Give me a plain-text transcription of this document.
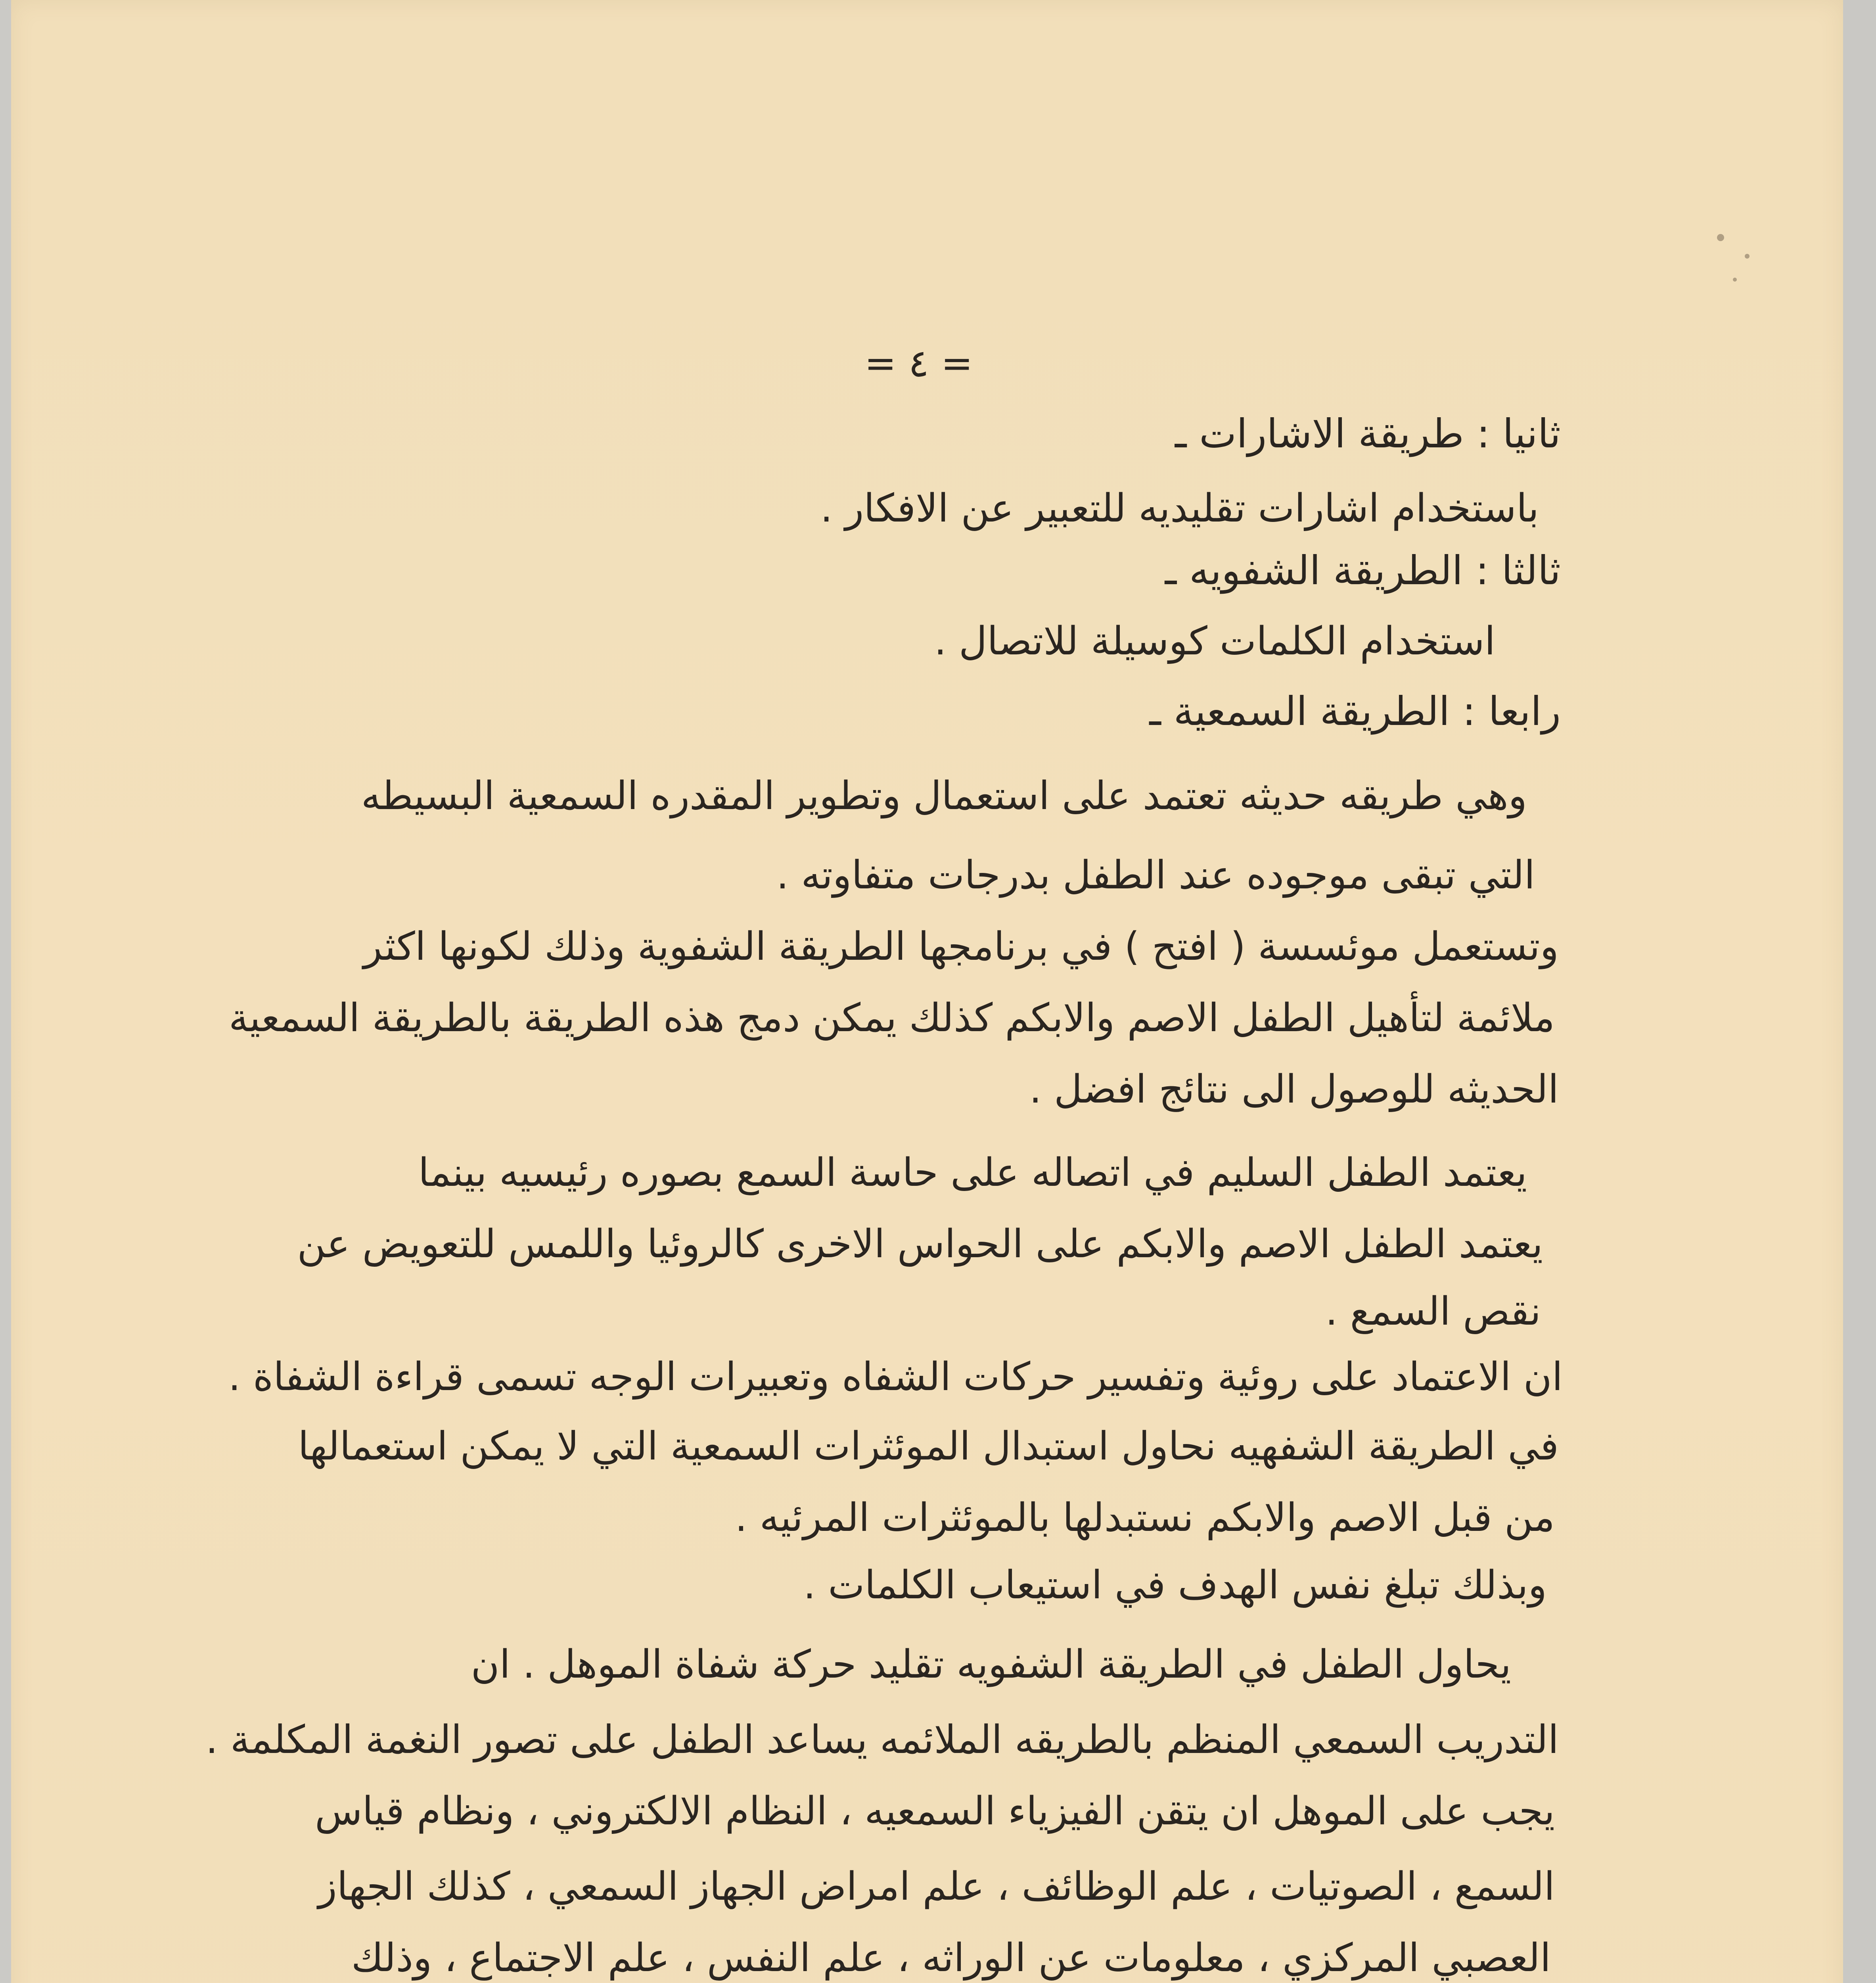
= ٤ =
ثانيا : طريقة الاشارات ـ
باستخدام اشارات تقليديه للتعبير عن الافكار .
ثالثا : الطريقة الشفويه ـ
استخدام الكلمات كوسيلة للاتصال .
رابعا : الطريقة السمعية ـ
وهي طريقه حديثه تعتمد على استعمال وتطوير المقدره السمعية البسيطه
التي تبقى موجوده عند الطفل بدرجات متفاوته .
وتستعمل موئسسة ( افتح ) في برنامجها الطريقة الشفوية وذلك لكونها اكثر
ملائمة لتأهيل الطفل الاصم والابكم كذلك يمكن دمج هذه الطريقة بالطريقة السمعية
الحديثه للوصول الى نتائج افضل .
يعتمد الطفل السليم في اتصاله على حاسة السمع بصوره رئيسيه بينما
يعتمد الطفل الاصم والابكم على الحواس الاخرى كالروئيا واللمس للتعويض عن
نقص السمع .
ان الاعتماد على روئية وتفسير حركات الشفاه وتعبيرات الوجه تسمى قراءة الشفاة .
في الطريقة الشفهيه نحاول استبدال الموئثرات السمعية التي لا يمكن استعمالها
من قبل الاصم والابكم نستبدلها بالموئثرات المرئيه .
وبذلك تبلغ نفس الهدف في استيعاب الكلمات .
يحاول الطفل في الطريقة الشفويه تقليد حركة شفاة الموهل . ان
التدريب السمعي المنظم بالطريقه الملائمه يساعد الطفل على تصور النغمة المكلمة .
يجب على الموهل ان يتقن الفيزياء السمعيه ، النظام الالكتروني ، ونظام قياس
السمع ، الصوتيات ، علم الوظائف ، علم امراض الجهاز السمعي ، كذلك الجهاز
العصبي المركزي ، معلومات عن الوراثه ، علم النفس ، علم الاجتماع ، وذلك
